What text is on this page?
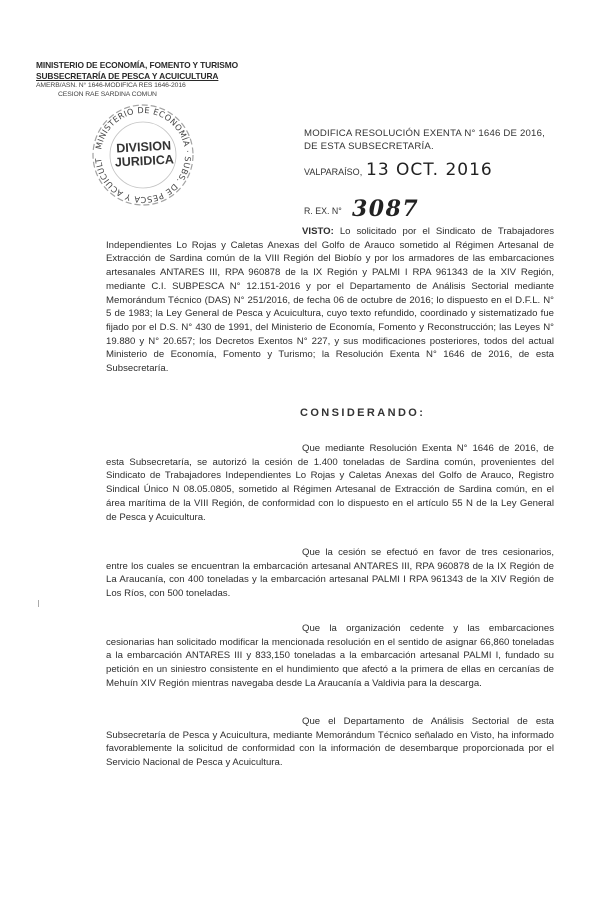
MINISTERIO DE ECONOMÍA, FOMENTO Y TURISMO
SUBSECRETARÍA DE PESCA Y ACUICULTURA
AMERB/ASN. N° 1646-MODIFICA RES 1646-2016
CESION RAE SARDINA COMUN
MINISTERIO DE ECONOMÍA · SUBS. DE PESCA Y ACUICULT
DIVISION
JURIDICA
MODIFICA RESOLUCIÓN EXENTA N° 1646 DE 2016,
DE ESTA SUBSECRETARÍA.
VALPARAÍSO, 13 OCT. 2016
R. EX. N° 3087
VISTO: Lo solicitado por el Sindicato de Trabajadores Independientes Lo Rojas y Caletas Anexas del Golfo de Arauco sometido al Régimen Artesanal de Extracción de Sardina común de la VIII Región del Biobío y por los armadores de las embarcaciones artesanales ANTARES III, RPA 960878 de la IX Región y PALMI I RPA 961343 de la XIV Región, mediante C.I. SUBPESCA N° 12.151-2016 y por el Departamento de Análisis Sectorial mediante Memorándum Técnico (DAS) N° 251/2016, de fecha 06 de octubre de 2016; lo dispuesto en el D.F.L. N° 5 de 1983; la Ley General de Pesca y Acuicultura, cuyo texto refundido, coordinado y sistematizado fue fijado por el D.S. N° 430 de 1991, del Ministerio de Economía, Fomento y Reconstrucción; las Leyes N° 19.880 y N° 20.657; los Decretos Exentos N° 227, y sus modificaciones posteriores, todos del actual Ministerio de Economía, Fomento y Turismo; la Resolución Exenta N° 1646 de 2016, de esta Subsecretaría.
CONSIDERANDO:
Que mediante Resolución Exenta N° 1646 de 2016, de esta Subsecretaría, se autorizó la cesión de 1.400 toneladas de Sardina común, provenientes del Sindicato de Trabajadores Independientes Lo Rojas y Caletas Anexas del Golfo de Arauco, Registro Sindical Único N 08.05.0805, sometido al Régimen Artesanal de Extracción de Sardina común, en el área marítima de la VIII Región, de conformidad con lo dispuesto en el artículo 55 N de la Ley General de Pesca y Acuicultura.
Que la cesión se efectuó en favor de tres cesionarios, entre los cuales se encuentran la embarcación artesanal ANTARES III, RPA 960878 de la IX Región de La Araucanía, con 400 toneladas y la embarcación artesanal PALMI I RPA 961343 de la XIV Región de Los Ríos, con 500 toneladas.
Que la organización cedente y las embarcaciones cesionarias han solicitado modificar la mencionada resolución en el sentido de asignar 66,860 toneladas a la embarcación ANTARES III y 833,150 toneladas a la embarcación artesanal PALMI I, fundado su petición en un siniestro consistente en el hundimiento que afectó a la primera de ellas en cercanías de Mehuín XIV Región mientras navegaba desde La Araucanía a Valdivia para la descarga.
Que el Departamento de Análisis Sectorial de esta Subsecretaría de Pesca y Acuicultura, mediante Memorándum Técnico señalado en Visto, ha informado favorablemente la solicitud de conformidad con la información de desembarque proporcionada por el Servicio Nacional de Pesca y Acuicultura.
